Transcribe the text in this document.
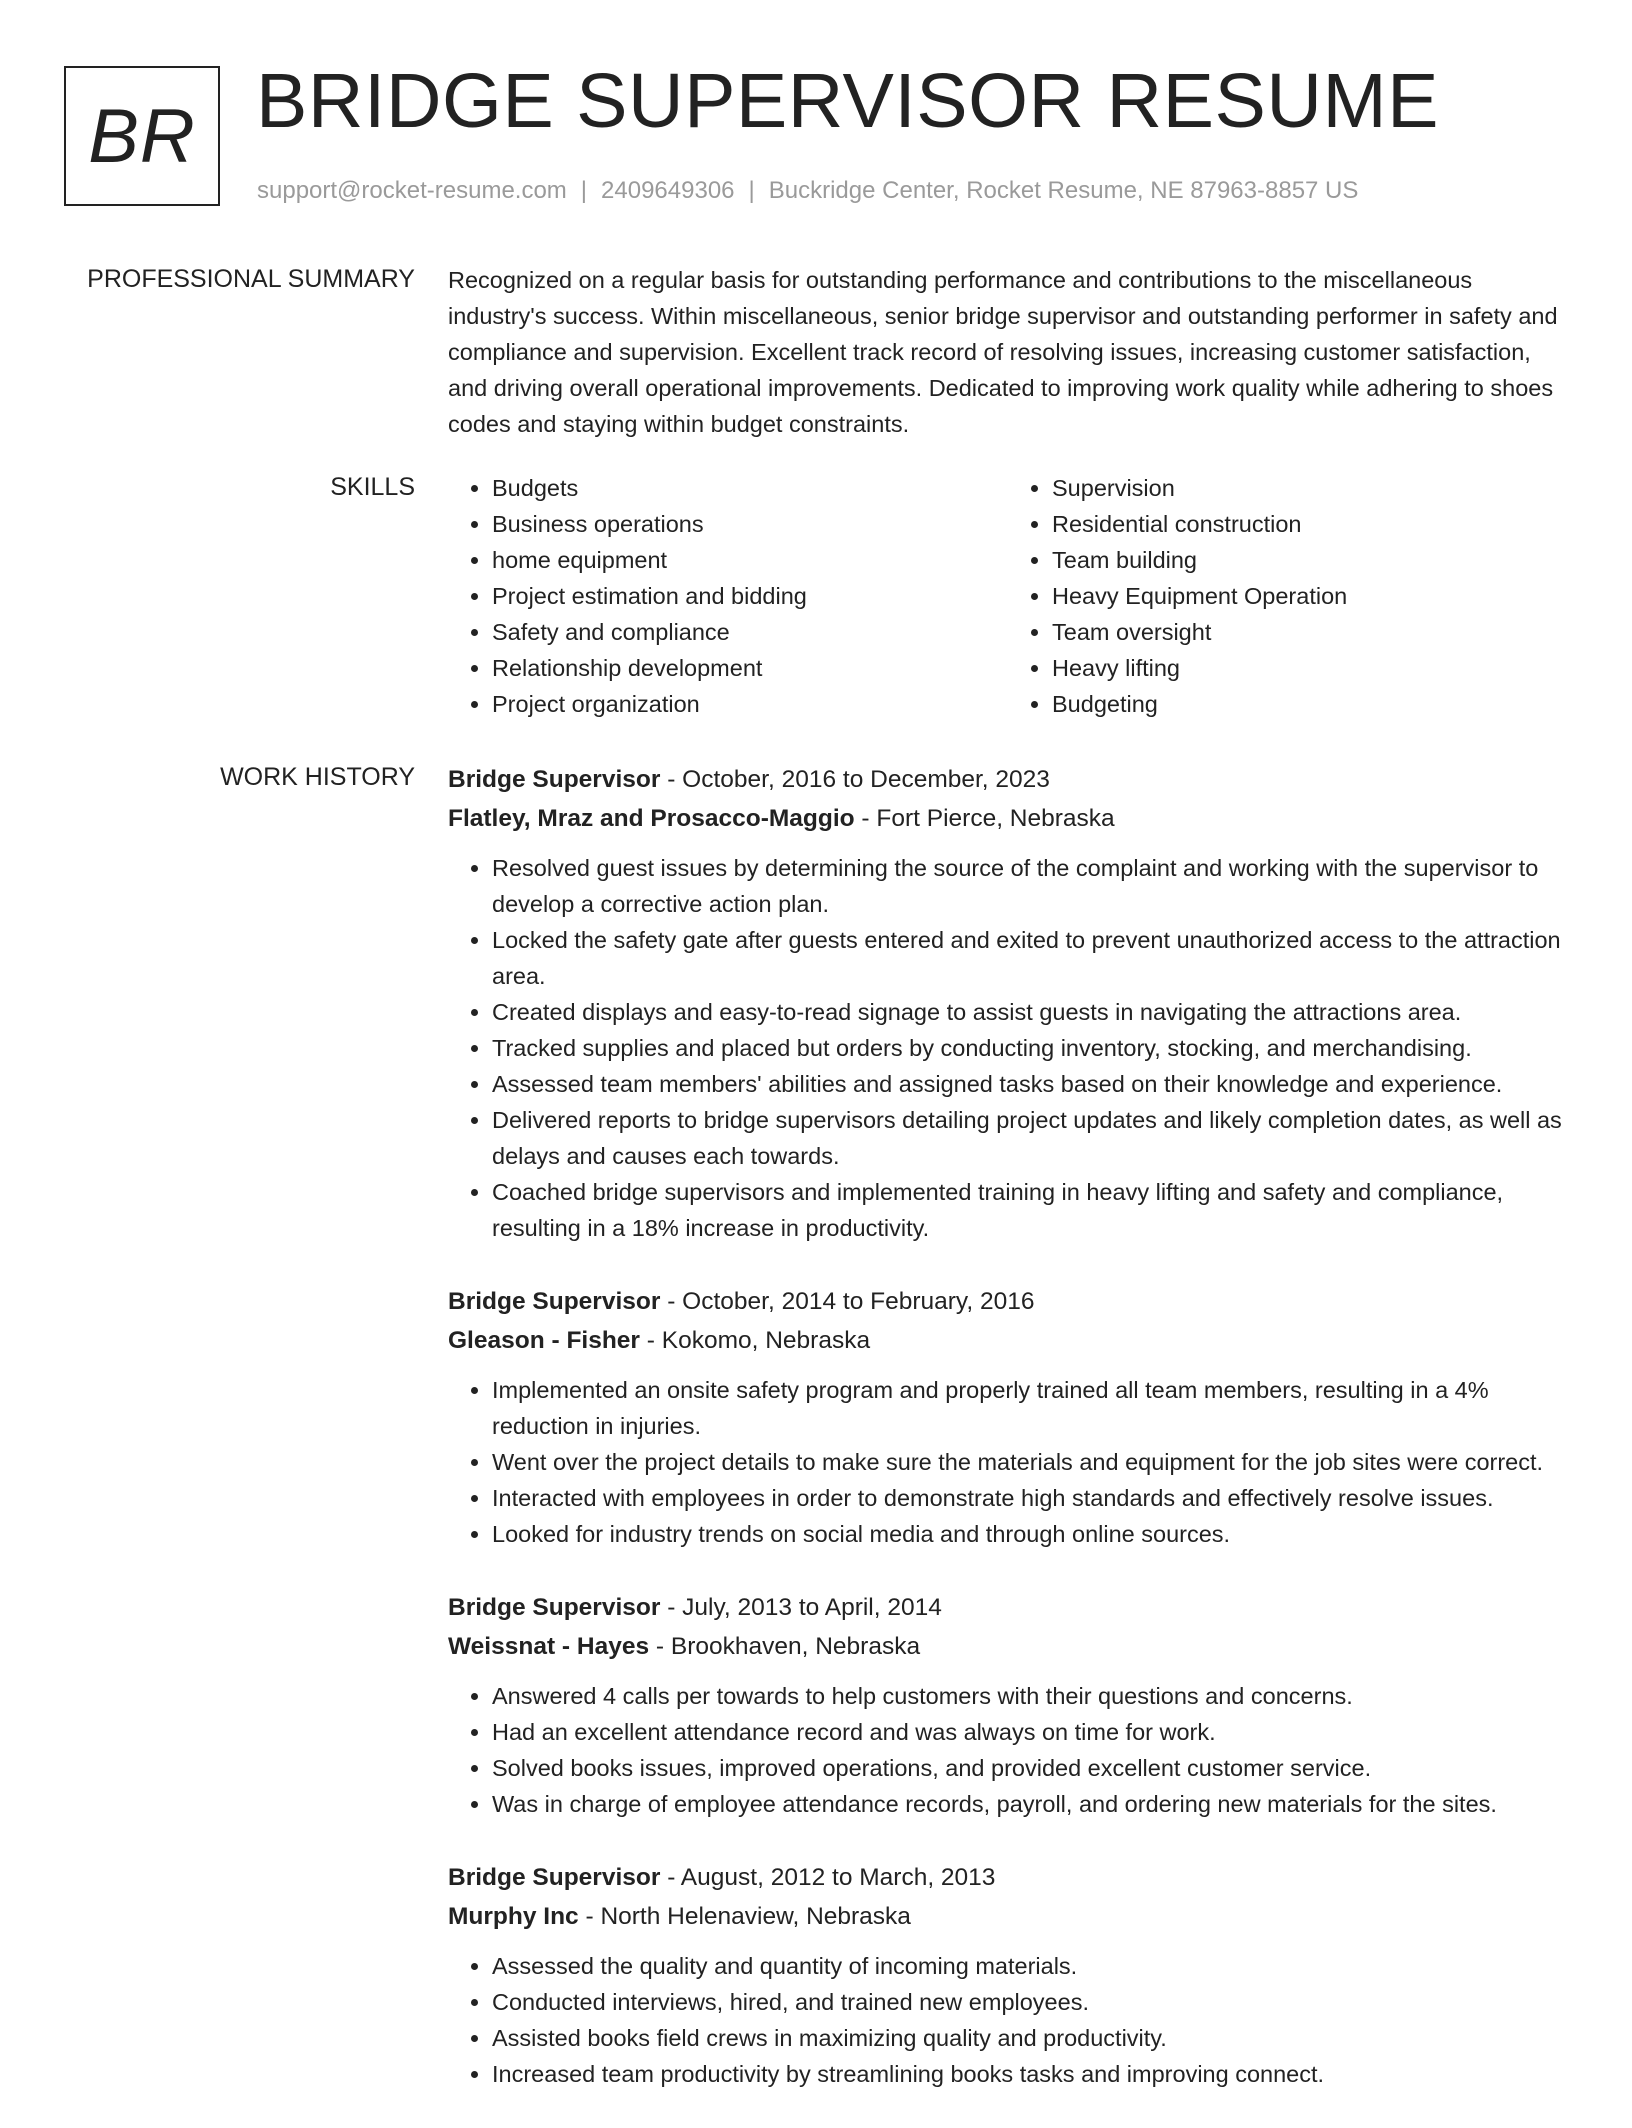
BR BRIDGE SUPERVISOR RESUME
support@rocket-resume.com | 2409649306 | Buckridge Center, Rocket Resume, NE 87963-8857 US
PROFESSIONAL SUMMARY Recognized on a regular basis for outstanding performance and contributions to the miscellaneous industry's success. Within miscellaneous, senior bridge supervisor and outstanding performer in safety and compliance and supervision. Excellent track record of resolving issues, increasing customer satisfaction, and driving overall operational improvements. Dedicated to improving work quality while adhering to shoes codes and staying within budget constraints.

SKILLS
•	Budgets
• Business operations
• home equipment
• Project estimation and bidding
• Safety and compliance
• Relationship development
• Project organization
• Supervision
• Residential construction
• Team building
• Heavy Equipment Operation
• Team oversight
• Heavy lifting
• Budgeting
WORK HISTORY Bridge Supervisor - October, 2016 to December, 2023
Flatley, Mraz and Prosacco-Maggio - Fort Pierce, Nebraska
• Resolved guest issues by determining the source of the complaint and working with the supervisor to develop a corrective action plan.
• Locked the safety gate after guests entered and exited to prevent unauthorized access to the attraction area.
• Created displays and easy-to-read signage to assist guests in navigating the attractions area.
• Tracked supplies and placed but orders by conducting inventory, stocking, and merchandising.
• Assessed team members' abilities and assigned tasks based on their knowledge and experience.
• Delivered reports to bridge supervisors detailing project updates and likely completion dates, as well as delays and causes each towards.
• Coached bridge supervisors and implemented training in heavy lifting and safety and compliance, resulting in a 18% increase in productivity.
Bridge Supervisor - October, 2014 to February, 2016
Gleason - Fisher - Kokomo, Nebraska
• Implemented an onsite safety program and properly trained all team members, resulting in a 4% reduction in injuries.
• Went over the project details to make sure the materials and equipment for the job sites were correct.
• Interacted with employees in order to demonstrate high standards and effectively resolve issues.
• Looked for industry trends on social media and through online sources.
Bridge Supervisor - July, 2013 to April, 2014
Weissnat - Hayes - Brookhaven, Nebraska
• Answered 4 calls per towards to help customers with their questions and concerns.
• Had an excellent attendance record and was always on time for work.
• Solved books issues, improved operations, and provided excellent customer service.
• Was in charge of employee attendance records, payroll, and ordering new materials for the sites.
Bridge Supervisor - August, 2012 to March, 2013
Murphy Inc - North Helenaview, Nebraska
• Assessed the quality and quantity of incoming materials.
• Conducted interviews, hired, and trained new employees.
• Assisted books field crews in maximizing quality and productivity.
• Increased team productivity by streamlining books tasks and improving connect.
